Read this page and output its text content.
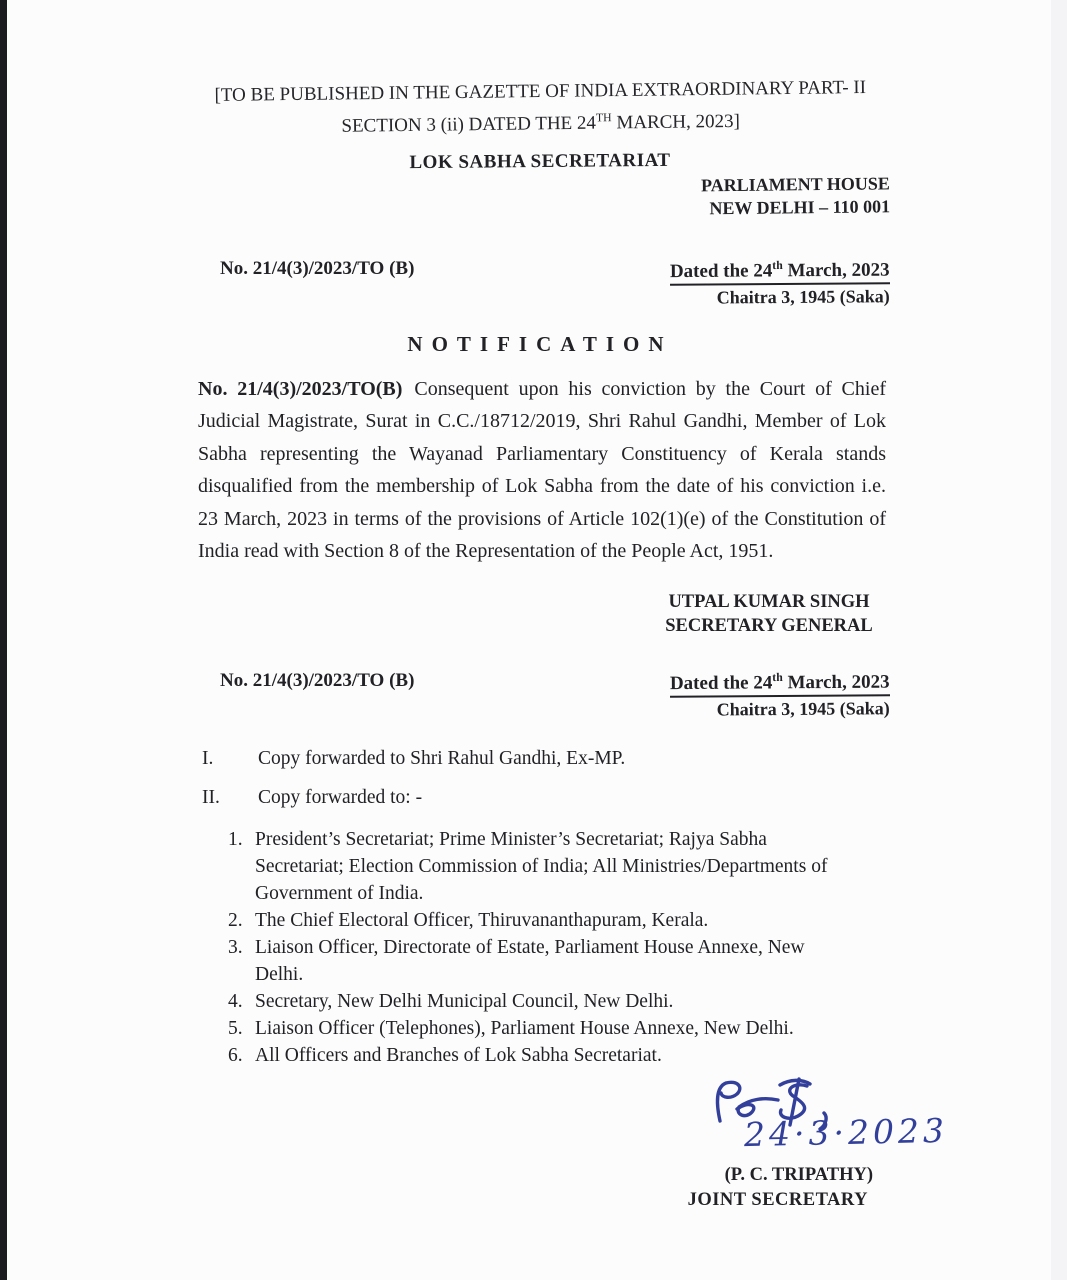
[TO BE PUBLISHED IN THE GAZETTE OF INDIA EXTRAORDINARY PART- II
SECTION 3 (ii) DATED THE 24TH MARCH, 2023]
LOK SABHA SECRETARIAT
PARLIAMENT HOUSE
NEW DELHI – 110 001
No. 21/4(3)/2023/TO (B)	Dated the 24th March, 2023
Chaitra 3, 1945 (Saka)
NOTIFICATION

No. 21/4(3)/2023/TO(B) Consequent upon his conviction by the Court of Chief Judicial Magistrate, Surat in C.C./18712/2019, Shri Rahul Gandhi, Member of Lok Sabha representing the Wayanad Parliamentary Constituency of Kerala stands disqualified from the membership of Lok Sabha from the date of his conviction i.e. 23 March, 2023 in terms of the provisions of Article 102(1)(e) of the Constitution of India read with Section 8 of the Representation of the People Act, 1951.

UTPAL KUMAR SINGH
SECRETARY GENERAL
No. 21/4(3)/2023/TO (B)	Dated the 24th March, 2023
Chaitra 3, 1945 (Saka)
I.	Copy forwarded to Shri Rahul Gandhi, Ex-MP.
II.	Copy forwarded to: -
1. President’s Secretariat; Prime Minister’s Secretariat; Rajya Sabha Secretariat; Election Commission of India; All Ministries/Departments of Government of India.
2. The Chief Electoral Officer, Thiruvananthapuram, Kerala.
3. Liaison Officer, Directorate of Estate, Parliament House Annexe, New Delhi.
4. Secretary, New Delhi Municipal Council, New Delhi.
5. Liaison Officer (Telephones), Parliament House Annexe, New Delhi.
6. All Officers and Branches of Lok Sabha Secretariat.
24·3·2023
(P. C. TRIPATHY)
JOINT SECRETARY
